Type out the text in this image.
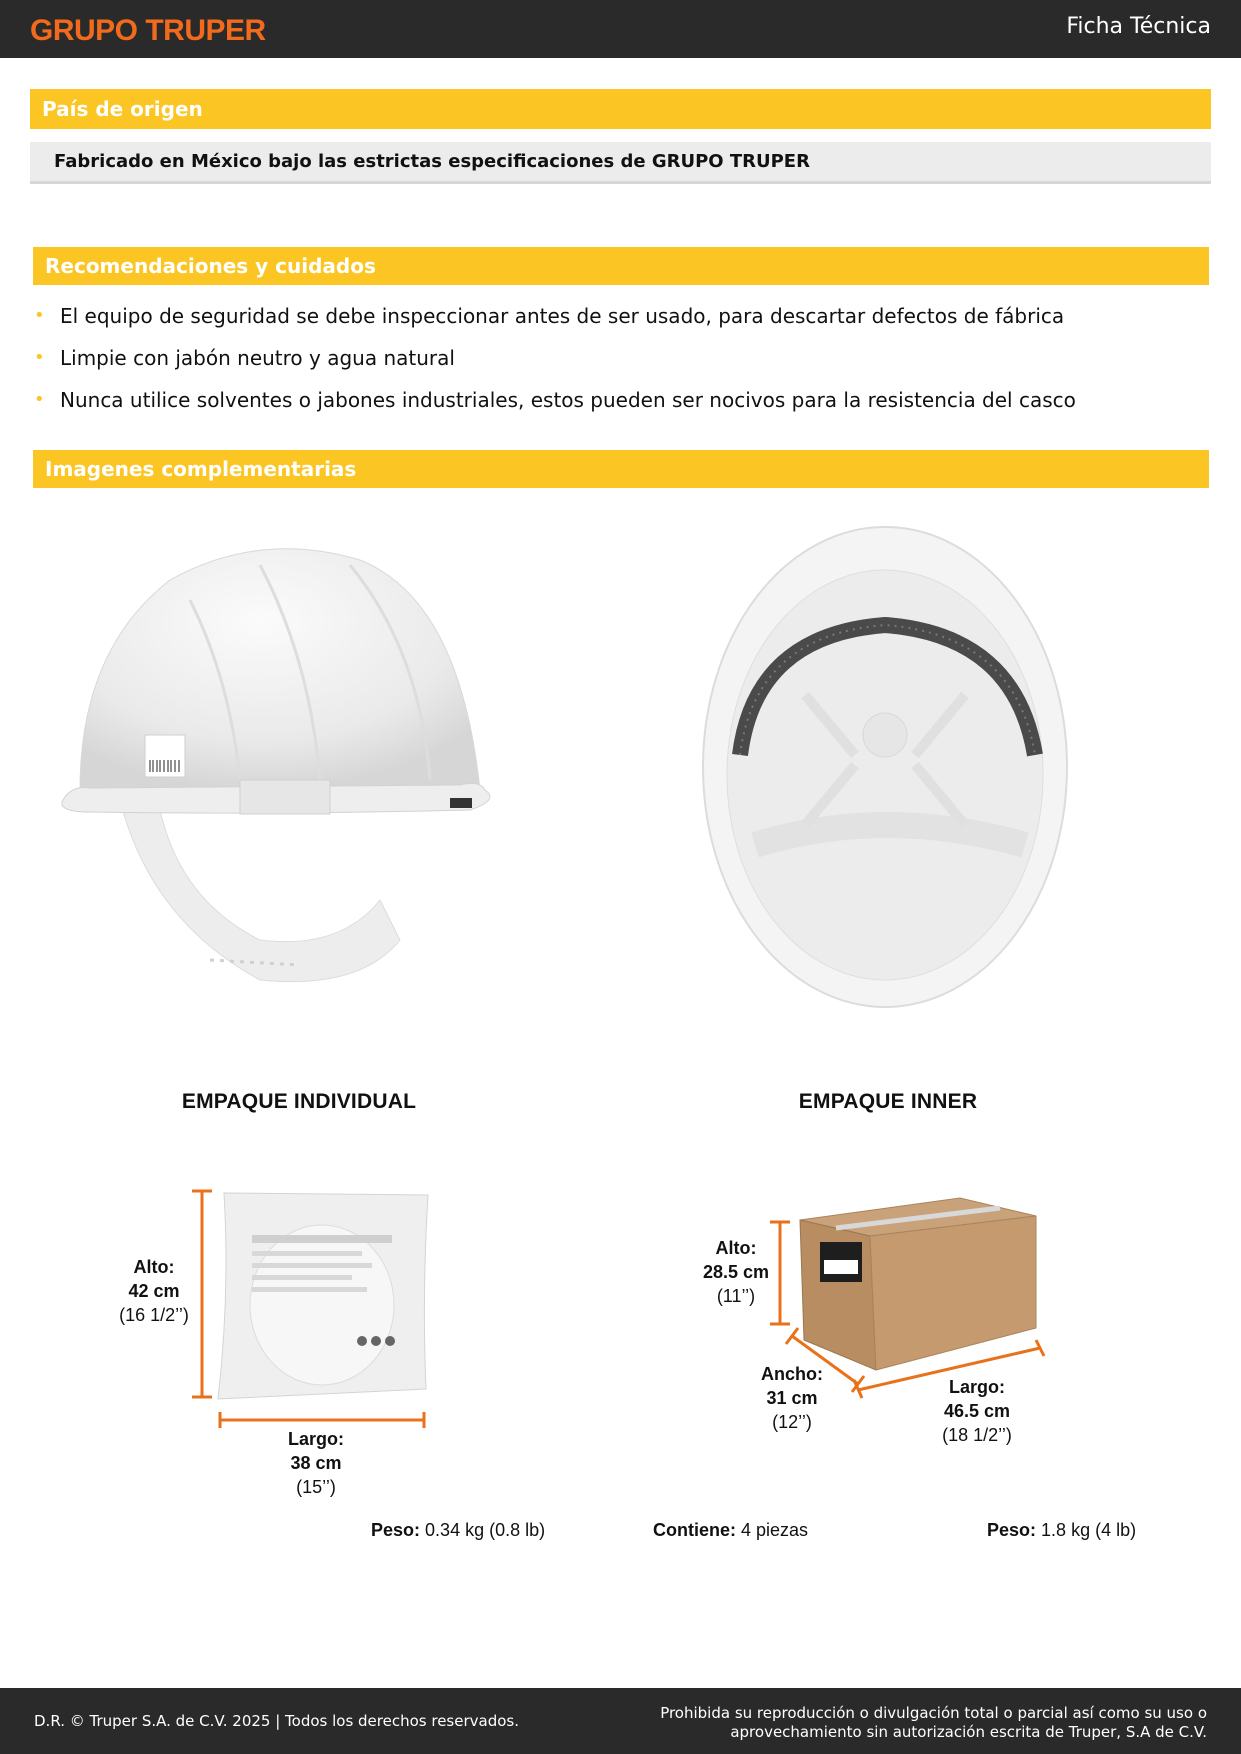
GRUPO TRUPER	Ficha Técnica
País de origen
Fabricado en México bajo las estrictas especificaciones de GRUPO TRUPER
Recomendaciones y cuidados
• El equipo de seguridad se debe inspeccionar antes de ser usado, para descartar defectos de fábrica
• Limpie con jabón neutro y agua natural
• Nunca utilice solventes o jabones industriales, estos pueden ser nocivos para la resistencia del casco
Imagenes complementarias
EMPAQUE INDIVIDUAL	EMPAQUE INNER
Alto:
42 cm
(16 1/2’’)
Largo:
38 cm
(15’’)
Alto:
28.5 cm
(11’’)
Ancho:
31 cm
(12’’)
Largo:
46.5 cm
(18 1/2’’)
Peso: 0.34 kg (0.8 lb)	Contiene: 4 piezas	Peso: 1.8 kg (4 lb)
D.R. © Truper S.A. de C.V. 2025 | Todos los derechos reservados.	Prohibida su reproducción o divulgación total o parcial así como su uso o
aprovechamiento sin autorización escrita de Truper, S.A de C.V.
